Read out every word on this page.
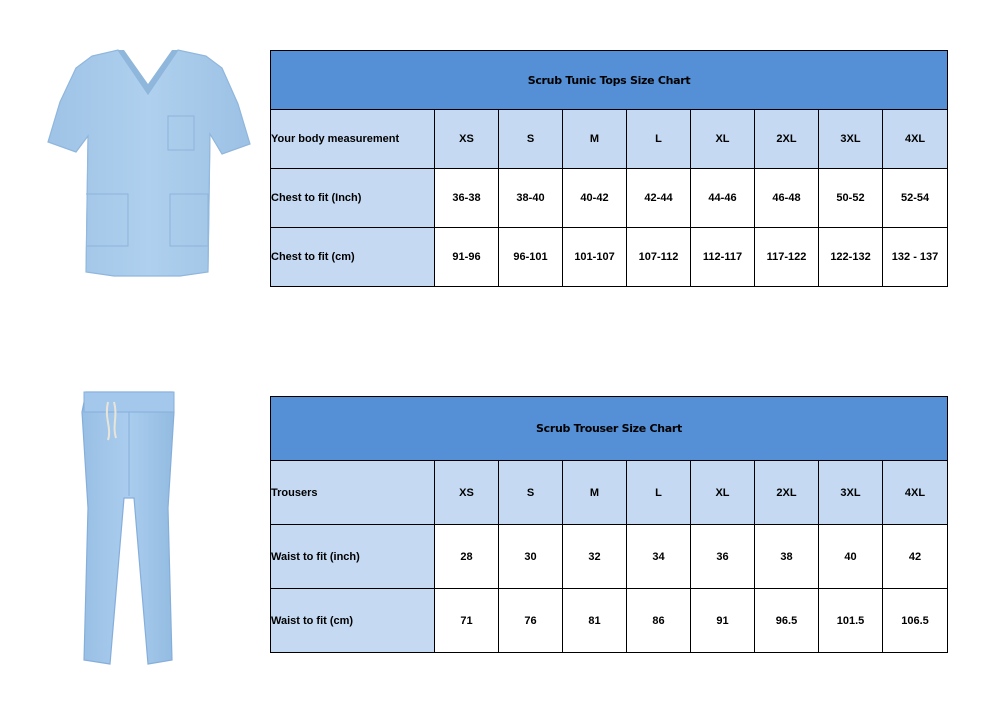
Scrub Tunic Tops Size Chart								
Your body measurement	XS	S	M	L	XL	2XL	3XL	4XL
Chest to fit (Inch)	36-38	38-40	40-42	42-44	44-46	46-48	50-52	52-54
Chest to fit (cm)	91-96	96-101	101-107	107-112	112-117	117-122	122-132	132 - 137
Scrub Trouser Size Chart								
Trousers	XS	S	M	L	XL	2XL	3XL	4XL
Waist to fit (inch)	28	30	32	34	36	38	40	42
Waist to fit (cm)	71	76	81	86	91	96.5	101.5	106.5
